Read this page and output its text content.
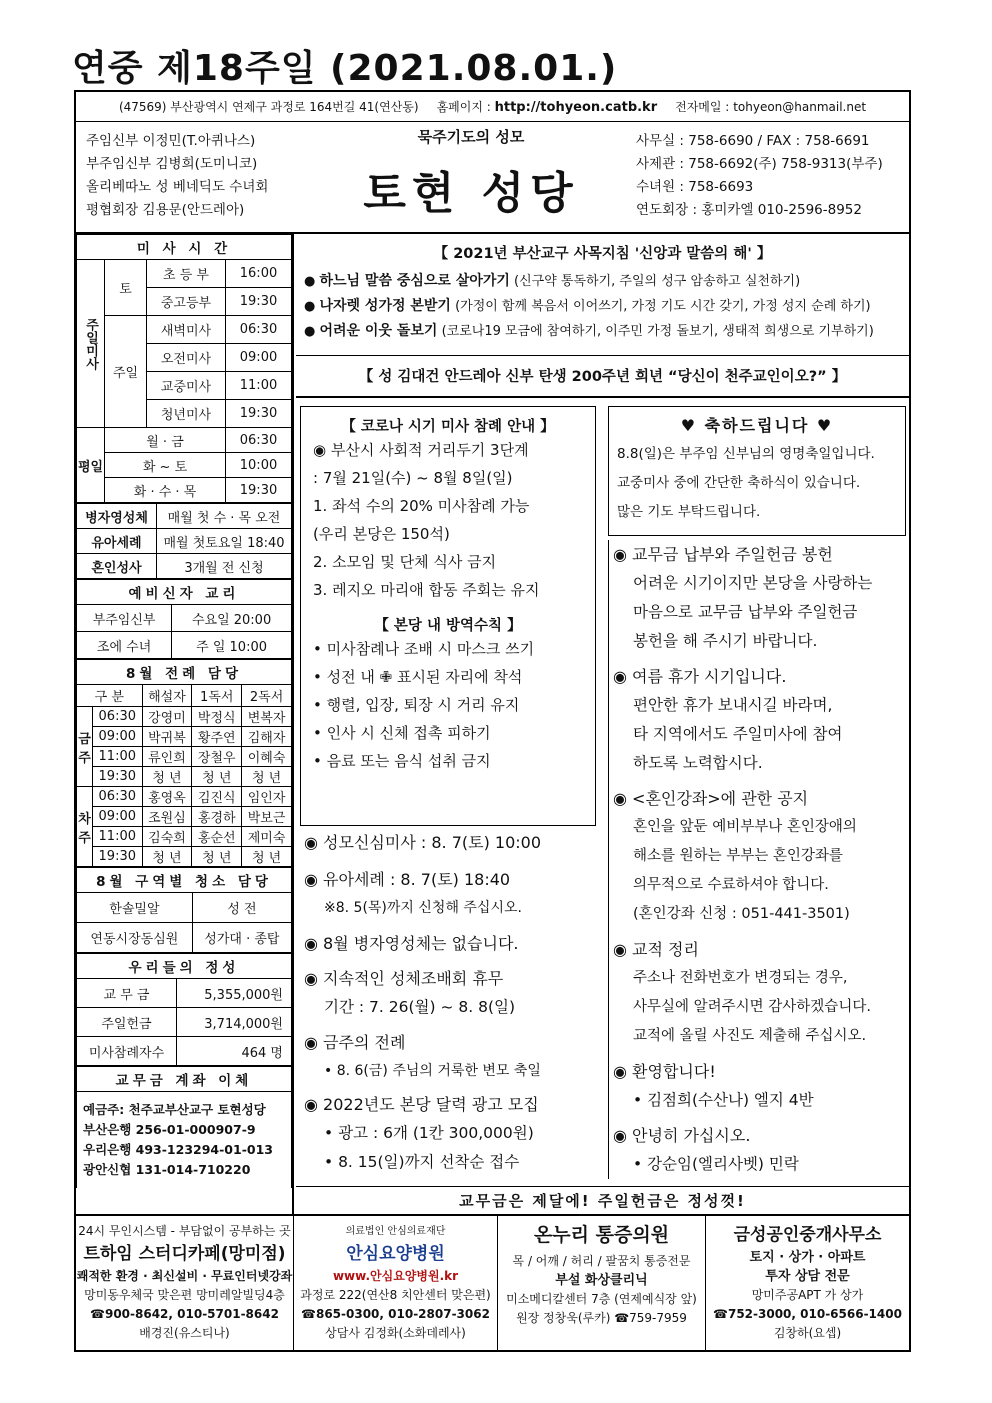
연중 제18주일 (2021.08.01.)
(47569) 부산광역시 연제구 과정로 164번길 41(연산동) 홈페이지 : http://tohyeon.catb.kr 전자메일 : tohyeon@hanmail.net
주임신부 이정민(T.아퀴나스)
부주임신부 김병희(도미니코)
올리베따노 성 베네딕도 수녀회
평협회장 김용문(안드레아)
묵주기도의 성모
토현 성당
사무실 : 758-6690 / FAX : 758-6691
사제관 : 758-6692(주) 758-9313(부주)
수녀원 : 758-6693
연도회장 : 홍미카엘 010-2596-8952
미 사 시 간			
주일미사	토	초 등 부	16:00
		중고등부	19:30
	주일	새벽미사	06:30
		오전미사	09:00
		교중미사	11:00
		청년미사	19:30
평일	월 · 금		06:30
	화 ~ 토		10:00
	화 · 수 · 목		19:30
병자영성체	매월 첫 수 · 목 오전
유아세례	매월 첫토요일 18:40
혼인성사	3개월 전 신청
예비신자 교리	
부주임신부	수요일 20:00
조에 수녀	주 일 10:00
8월 전례 담당				
구 분		해설자	1독서	2독서
금주	06:30	강영미	박정식	변복자
	09:00	박귀복	황주연	김해자
	11:00	류인희	장철우	이혜숙
	19:30	청 년	청 년	청 년
차주	06:30	홍영옥	김진식	임인자
	09:00	조원심	홍경하	박보근
	11:00	김숙희	홍순선	제미숙
	19:30	청 년	청 년	청 년
8월 구역별 청소 담당	
한솔밀알	성 전
연동시장동심원	성가대 · 종탑
우리들의 정성	
교 무 금	5,355,000원
주일헌금	3,714,000원
미사참례자수	464 명
교무금 계좌 이체

예금주: 천주교부산교구 토현성당
부산은행 256-01-000907-9
우리은행 493-123294-01-013
광안신협 131-014-710220
【 2021년 부산교구 사목지침 '신앙과 말씀의 해' 】
● 하느님 말씀 중심으로 살아가기 (신구약 통독하기, 주일의 성구 암송하고 실천하기)
● 나자렛 성가정 본받기 (가정이 함께 복음서 이어쓰기, 가정 기도 시간 갖기, 가정 성지 순례 하기)
● 어려운 이웃 돌보기 (코로나19 모금에 참여하기, 이주민 가정 돌보기, 생태적 희생으로 기부하기)
【 성 김대건 안드레아 신부 탄생 200주년 희년 “당신이 천주교인이오?” 】
【 코로나 시기 미사 참례 안내 】
◉ 부산시 사회적 거리두기 3단계
: 7월 21일(수) ~ 8월 8일(일)
1. 좌석 수의 20% 미사참례 가능
(우리 본당은 150석)
2. 소모임 및 단체 식사 금지
3. 레지오 마리애 합동 주회는 유지
【 본당 내 방역수칙 】
• 미사참례나 조배 시 마스크 쓰기
• 성전 내 ✙ 표시된 자리에 착석
• 행렬, 입장, 퇴장 시 거리 유지
• 인사 시 신체 접촉 피하기
• 음료 또는 음식 섭취 금지
♥ 축하드립니다 ♥
8.8(일)은 부주임 신부님의 영명축일입니다.
교중미사 중에 간단한 축하식이 있습니다.
많은 기도 부탁드립니다.
◉ 성모신심미사 : 8. 7(토) 10:00
◉ 유아세례 : 8. 7(토) 18:40
※8. 5(목)까지 신청해 주십시오.
◉ 8월 병자영성체는 없습니다.
◉ 지속적인 성체조배회 휴무
기간 : 7. 26(월) ~ 8. 8(일)
◉ 금주의 전례
• 8. 6(금) 주님의 거룩한 변모 축일
◉ 2022년도 본당 달력 광고 모집
• 광고 : 6개 (1칸 300,000원)
• 8. 15(일)까지 선착순 접수
◉ 교무금 납부와 주일헌금 봉헌
어려운 시기이지만 본당을 사랑하는
마음으로 교무금 납부와 주일헌금
봉헌을 해 주시기 바랍니다.
◉ 여름 휴가 시기입니다.
편안한 휴가 보내시길 바라며,
타 지역에서도 주일미사에 참여
하도록 노력합시다.
◉ <혼인강좌>에 관한 공지
혼인을 앞둔 예비부부나 혼인장애의
해소를 원하는 부부는 혼인강좌를
의무적으로 수료하셔야 합니다.
(혼인강좌 신청 : 051-441-3501)
◉ 교적 정리
주소나 전화번호가 변경되는 경우,
사무실에 알려주시면 감사하겠습니다.
교적에 올릴 사진도 제출해 주십시오.
◉ 환영합니다!
• 김점희(수산나) 엘지 4반
◉ 안녕히 가십시오.
• 강순임(엘리사벳) 민락
교무금은 제달에! 주일헌금은 정성껏!
24시 무인시스템 - 부담없이 공부하는 곳
트하임 스터디카페(망미점)
쾌적한 환경 · 최신설비 · 무료인터넷강좌
망미동우체국 맞은편 망미레알빌딩4층
☎900-8642, 010-5701-8642
배경진(유스티나)
의료법인 안심의료재단
안심요양병원
www.안심요양병원.kr
과정로 222(연산8 치안센터 맞은편)
☎865-0300, 010-2807-3062
상담사 김정화(소화데레사)
온누리 통증의원
목 / 어깨 / 허리 / 팔꿈치 통증전문
부설 화상클리닉
미소메디칼센터 7층 (연제예식장 앞)
원장 정창욱(루카) ☎759-7959
금성공인중개사무소
토지 · 상가 · 아파트
투자 상담 전문
망미주공APT 가 상가
☎752-3000, 010-6566-1400
김창하(요셉)
